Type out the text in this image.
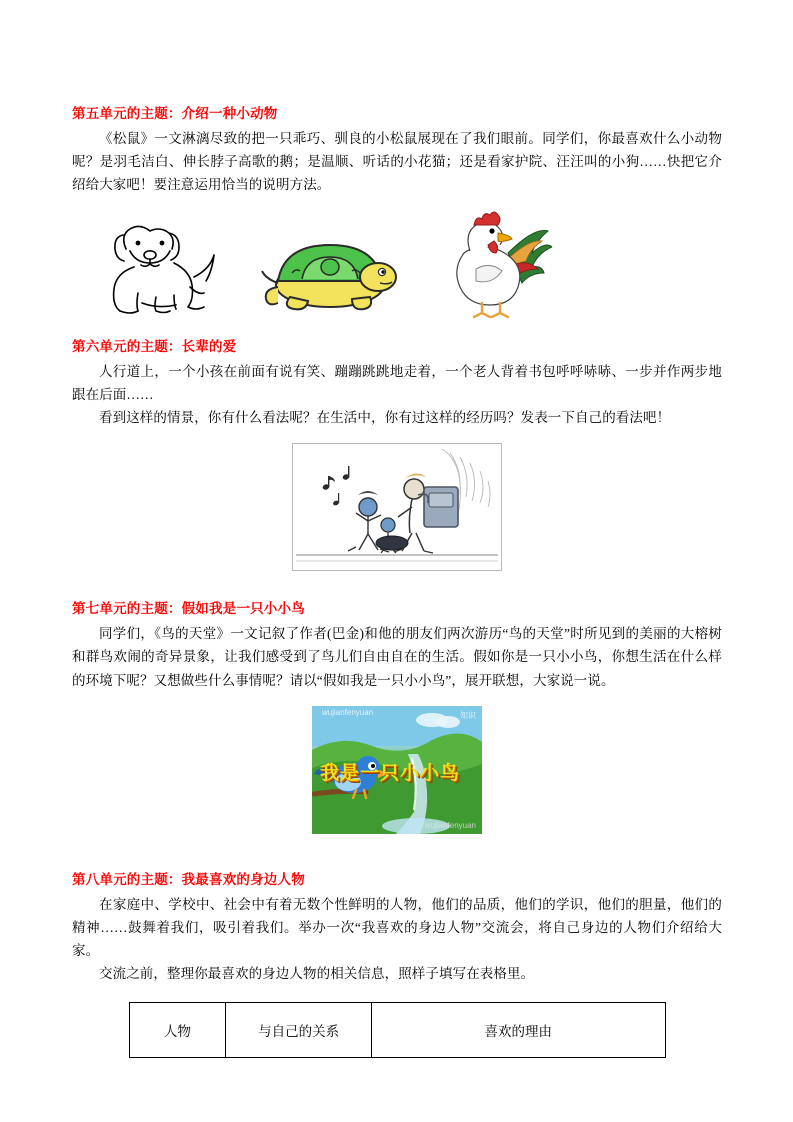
第五单元的主题：介绍一种小动物

《松鼠》一文淋漓尽致的把一只乖巧、驯良的小松鼠展现在了我们眼前。同学们，你最喜欢什么小动物呢？是羽毛洁白、伸长脖子高歌的鹅；是温顺、听话的小花猫；还是看家护院、汪汪叫的小狗……快把它介绍给大家吧！要注意运用恰当的说明方法。

第六单元的主题：长辈的爱

人行道上，一个小孩在前面有说有笑、蹦蹦跳跳地走着，一个老人背着书包呼呼哧哧、一步并作两步地跟在后面……

看到这样的情景，你有什么看法呢？在生活中，你有过这样的经历吗？发表一下自己的看法吧！

第七单元的主题：假如我是一只小小鸟

同学们，《鸟的天堂》一文记叙了作者(巴金)和他的朋友们两次游历“鸟的天堂”时所见到的美丽的大榕树和群鸟欢闹的奇异景象，让我们感受到了鸟儿们自由自在的生活。假如你是一只小小鸟，你想生活在什么样的环境下呢？又想做些什么事情呢？请以“假如我是一只小小鸟”，展开联想，大家说一说。

我是一只小小鸟
wujianfenyuan
wujianfenyuan
知识

第八单元的主题：我最喜欢的身边人物

在家庭中、学校中、社会中有着无数个性鲜明的人物，他们的品质，他们的学识，他们的胆量，他们的精神……鼓舞着我们，吸引着我们。举办一次“我喜欢的身边人物”交流会，将自己身边的人物们介绍给大家。

交流之前，整理你最喜欢的身边人物的相关信息，照样子填写在表格里。

人物	与自己的关系	喜欢的理由
